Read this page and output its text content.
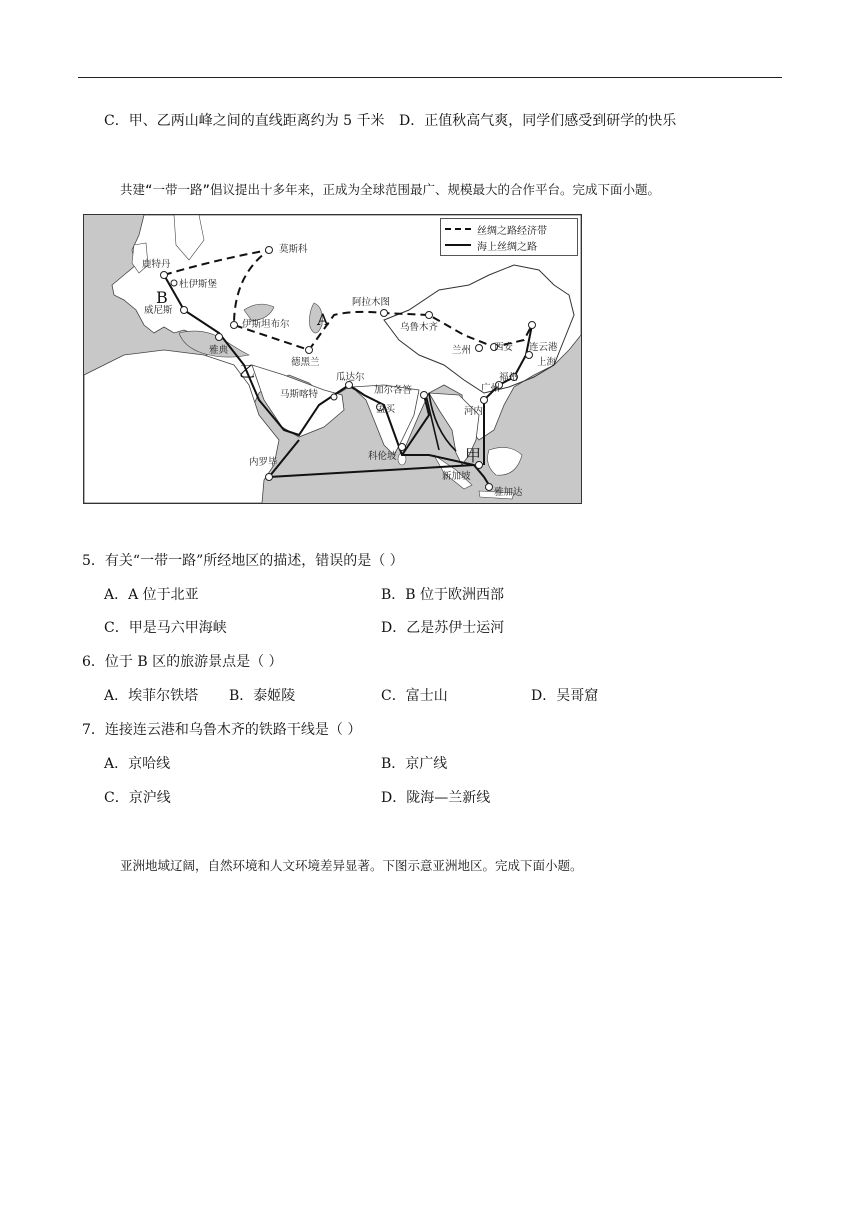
C．甲、乙两山峰之间的直线距离约为 5 千米 D．正值秋高气爽，同学们感受到研学的快乐
共建“一带一路”倡议提出十多年来，正成为全球范围最广、规模最大的合作平台。完成下面小题。
莫斯科
鹿特丹
杜伊斯堡
威尼斯
伊斯坦布尔
雅典
德黑兰
阿拉木图
乌鲁木齐
兰州 西安 连云港
上海
福州
广州
河内
瓜达尔
马斯喀特	加尔各答
孟买
科伦坡
内罗毕
新加坡
雅加达
A
B
甲
乙
丝绸之路经济带
海上丝绸之路
5．有关“一带一路”所经地区的描述，错误的是（ ）
A．A 位于北亚	B．B 位于欧洲西部
C．甲是马六甲海峡	D．乙是苏伊士运河
6．位于 B 区的旅游景点是（ ）
A．埃菲尔铁塔 B．泰姬陵	C．富士山	D．吴哥窟
7．连接连云港和乌鲁木齐的铁路干线是（ ）
A．京哈线	B．京广线
C．京沪线	D．陇海—兰新线
亚洲地域辽阔，自然环境和人文环境差异显著。下图示意亚洲地区。完成下面小题。
